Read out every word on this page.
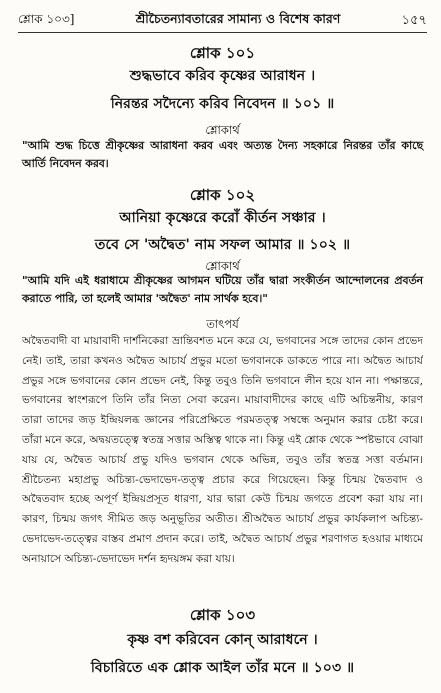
শ্লোক ১০৩]	শ্রীচৈতন্যাবতারের সামান্য ও বিশেষ কারণ	১৫৭
শ্লোক ১০১
শুদ্ধভাবে করিব কৃষ্ণের আরাধন ।
নিরন্তর সদৈন্যে করিব নিবেদন ॥ ১০১ ॥
শ্লোকার্থ
"আমি শুদ্ধ চিত্তে শ্রীকৃষ্ণের আরাধনা করব এবং অত্যন্ত দৈন্য সহকারে নিরন্তর তাঁর কাছে আর্তি নিবেদন করব।
শ্লোক ১০২
আনিয়া কৃষ্ণেরে করোঁ কীর্তন সঞ্চার ।
তবে সে 'অদ্বৈত' নাম সফল আমার ॥ ১০২ ॥
শ্লোকার্থ
"আমি যদি এই ধরাধামে শ্রীকৃষ্ণের আগমন ঘটিয়ে তাঁর দ্বারা সংকীর্তন আন্দোলনের প্রবর্তন করাতে পারি, তা হলেই আমার 'অদ্বৈত' নাম সার্থক হবে।"
তাৎপর্য
অদ্বৈতবাদী বা মায়াবাদী দার্শনিকেরা ভ্রান্তিবশত মনে করে যে, ভগবানের সঙ্গে তাদের কোন প্রভেদ নেই। তাই, তারা কখনও অদ্বৈত আচার্য প্রভুর মতো ভগবানকে ডাকতে পারে না। অদ্বৈত আচার্য প্রভুর সঙ্গে ভগবানের কোন প্রভেদ নেই, কিন্তু তবুও তিনি ভগবানে লীন হয়ে যান না। পক্ষান্তরে, ভগবানের স্বাংশরূপে তিনি তাঁর নিত্য সেবা করেন। মায়াবাদীদের কাছে এটি অচিন্তনীয়, কারণ তারা তাদের জড় ইন্দ্রিয়লব্ধ জ্ঞানের পরিপ্রেক্ষিতে পরমতত্ত্ব সম্বন্ধে অনুমান করার চেষ্টা করে। তাঁরা মনে করে, অদ্বয়তত্ত্বে স্বতন্ত্র সত্তার অস্তিত্ব থাকে না। কিন্তু এই শ্লোক থেকে স্পষ্টভাবে বোঝা যায় যে, অদ্বৈত আচার্য প্রভু যদিও ভগবান থেকে অভিন্ন, তবুও তাঁর স্বতন্ত্র সত্তা বর্তমান। শ্রীচৈতন্য মহাপ্রভু অচিন্ত্য-ভেদাভেদ-তত্ত্ব প্রচার করে গিয়েছেন। কিন্তু চিন্ময় দ্বৈতবাদ ও অদ্বৈতবাদ হচ্ছে অপূর্ণ ইন্দ্রিয়প্রসূত ধারণা, যার দ্বারা কেউ চিন্ময় জগতে প্রবেশ করা যায় না। কারণ, চিন্ময় জগৎ সীমিত জড় অনুভূতির অতীত। শ্রীঅদ্বৈত আচার্য প্রভুর কার্যকলাপ অচিন্ত্য-ভেদাভেদ-তত্ত্বের বাস্তব প্রমাণ প্রদান করে। তাই, অদ্বৈত আচার্য প্রভুর শরণাগত হওয়ার মাধ্যমে অনায়াসে অচিন্ত্য-ভেদাভেদ দর্শন হৃদয়ঙ্গম করা যায়।
শ্লোক ১০৩
কৃষ্ণ বশ করিবেন কোন্ আরাধনে ।
বিচারিতে এক শ্লোক আইল তাঁর মনে ॥ ১০৩ ॥
